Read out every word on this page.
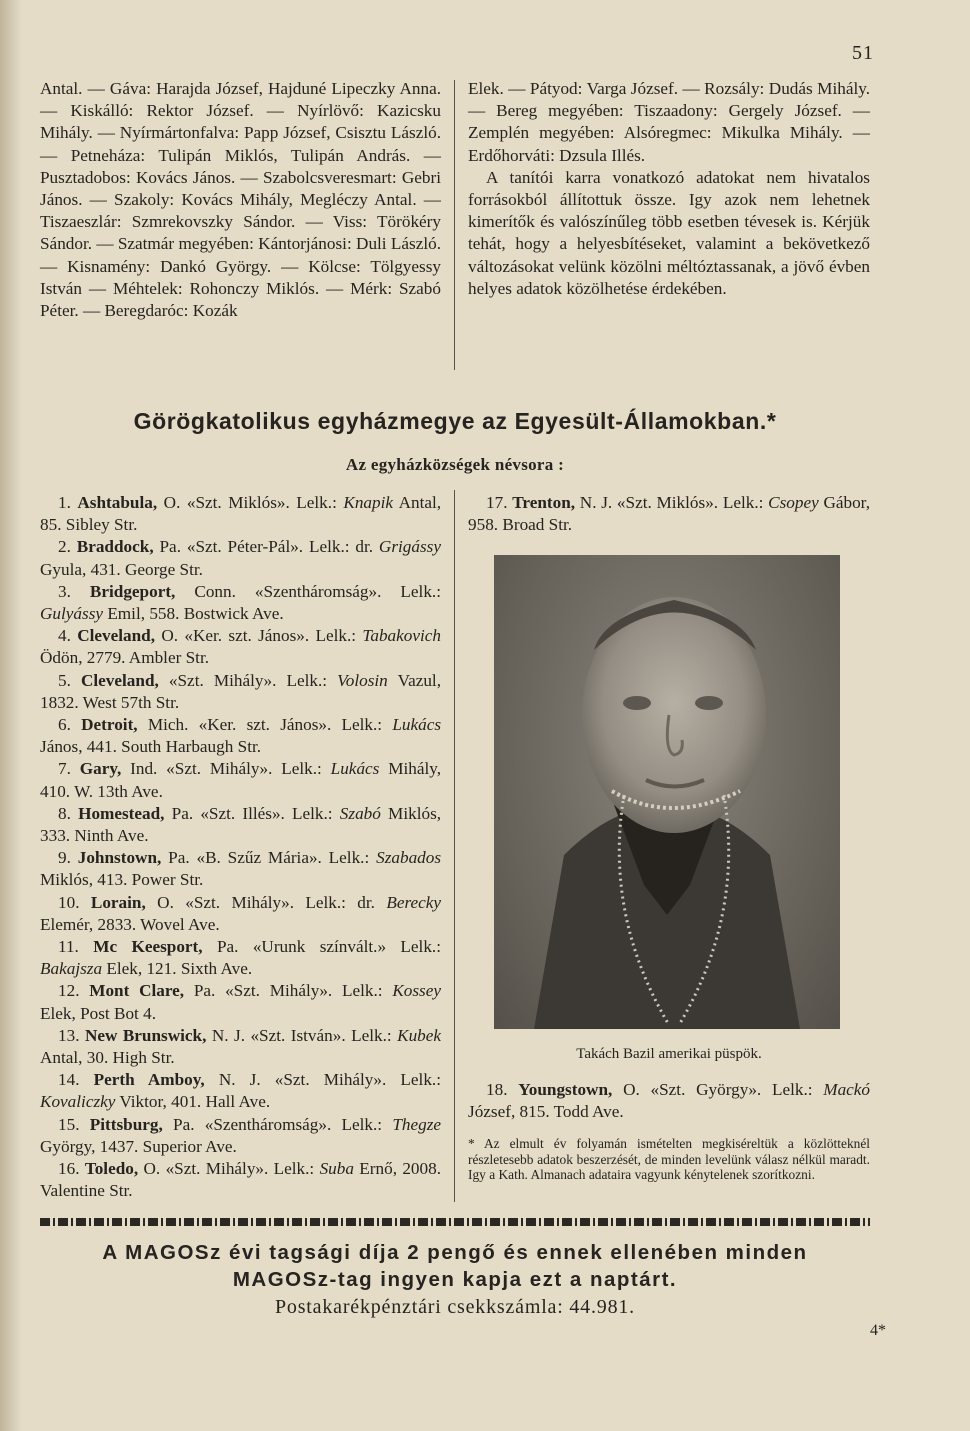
51

Antal. — Gáva: Harajda József, Hajduné Lipeczky Anna. — Kiskálló: Rektor József. — Nyírlövő: Kazicsku Mihály. — Nyírmártonfalva: Papp József, Csisztu László. — Petneháza: Tulipán Miklós, Tulipán András. — Pusztadobos: Kovács János. — Szabolcsveresmart: Gebri János. — Szakoly: Kovács Mihály, Megléczy Antal. — Tiszaeszlár: Szmrekovszky Sándor. — Viss: Törökéry Sándor. — Szatmár megyében: Kántorjánosi: Duli László. — Kisnamény: Dankó György. — Kölcse: Tölgyessy István — Méhtelek: Rohonczy Miklós. — Mérk: Szabó Péter. — Beregdaróc: Kozák

Elek. — Pátyod: Varga József. — Rozsály: Dudás Mihály. — Bereg megyében: Tiszaadony: Gergely József. — Zemplén megyében: Alsóregmec: Mikulka Mihály. — Erdőhorváti: Dzsula Illés.

A tanítói karra vonatkozó adatokat nem hivatalos forrásokból állítottuk össze. Igy azok nem lehetnek kimerítők és valószínűleg több esetben tévesek is. Kérjük tehát, hogy a helyesbítéseket, valamint a bekövetkező változásokat velünk közölni méltóztassanak, a jövő évben helyes adatok közölhetése érdekében.

Görögkatolikus egyházmegye az Egyesült-Államokban.*
Az egyházközségek névsora :

1. Ashtabula, O. «Szt. Miklós». Lelk.: Knapik Antal, 85. Sibley Str.

2. Braddock, Pa. «Szt. Péter-Pál». Lelk.: dr. Grigássy Gyula, 431. George Str.

3. Bridgeport, Conn. «Szentháromság». Lelk.: Gulyássy Emil, 558. Bostwick Ave.

4. Cleveland, O. «Ker. szt. János». Lelk.: Tabakovich Ödön, 2779. Ambler Str.

5. Cleveland, «Szt. Mihály». Lelk.: Volosin Vazul, 1832. West 57th Str.

6. Detroit, Mich. «Ker. szt. János». Lelk.: Lukács János, 441. South Harbaugh Str.

7. Gary, Ind. «Szt. Mihály». Lelk.: Lukács Mihály, 410. W. 13th Ave.

8. Homestead, Pa. «Szt. Illés». Lelk.: Szabó Miklós, 333. Ninth Ave.

9. Johnstown, Pa. «B. Szűz Mária». Lelk.: Szabados Miklós, 413. Power Str.

10. Lorain, O. «Szt. Mihály». Lelk.: dr. Berecky Elemér, 2833. Wovel Ave.

11. Mc Keesport, Pa. «Urunk színvált.» Lelk.: Bakajsza Elek, 121. Sixth Ave.

12. Mont Clare, Pa. «Szt. Mihály». Lelk.: Kossey Elek, Post Bot 4.

13. New Brunswick, N. J. «Szt. István». Lelk.: Kubek Antal, 30. High Str.

14. Perth Amboy, N. J. «Szt. Mihály». Lelk.: Kovaliczky Viktor, 401. Hall Ave.

15. Pittsburg, Pa. «Szentháromság». Lelk.: Thegze György, 1437. Superior Ave.

16. Toledo, O. «Szt. Mihály». Lelk.: Suba Ernő, 2008. Valentine Str.

17. Trenton, N. J. «Szt. Miklós». Lelk.: Csopey Gábor, 958. Broad Str.

Takách Bazil amerikai püspök.

18. Youngstown, O. «Szt. György». Lelk.: Mackó József, 815. Todd Ave.

* Az elmult év folyamán ismételten megkiséreltük a közlötteknél részletesebb adatok beszerzését, de minden levelünk válasz nélkül maradt. Igy a Kath. Almanach adataira vagyunk kénytelenek szorítkozni.
A MAGOSz évi tagsági díja 2 pengő és ennek ellenében minden
MAGOSz-tag ingyen kapja ezt a naptárt.
Postakarékpénztári csekkszámla: 44.981.
4*
